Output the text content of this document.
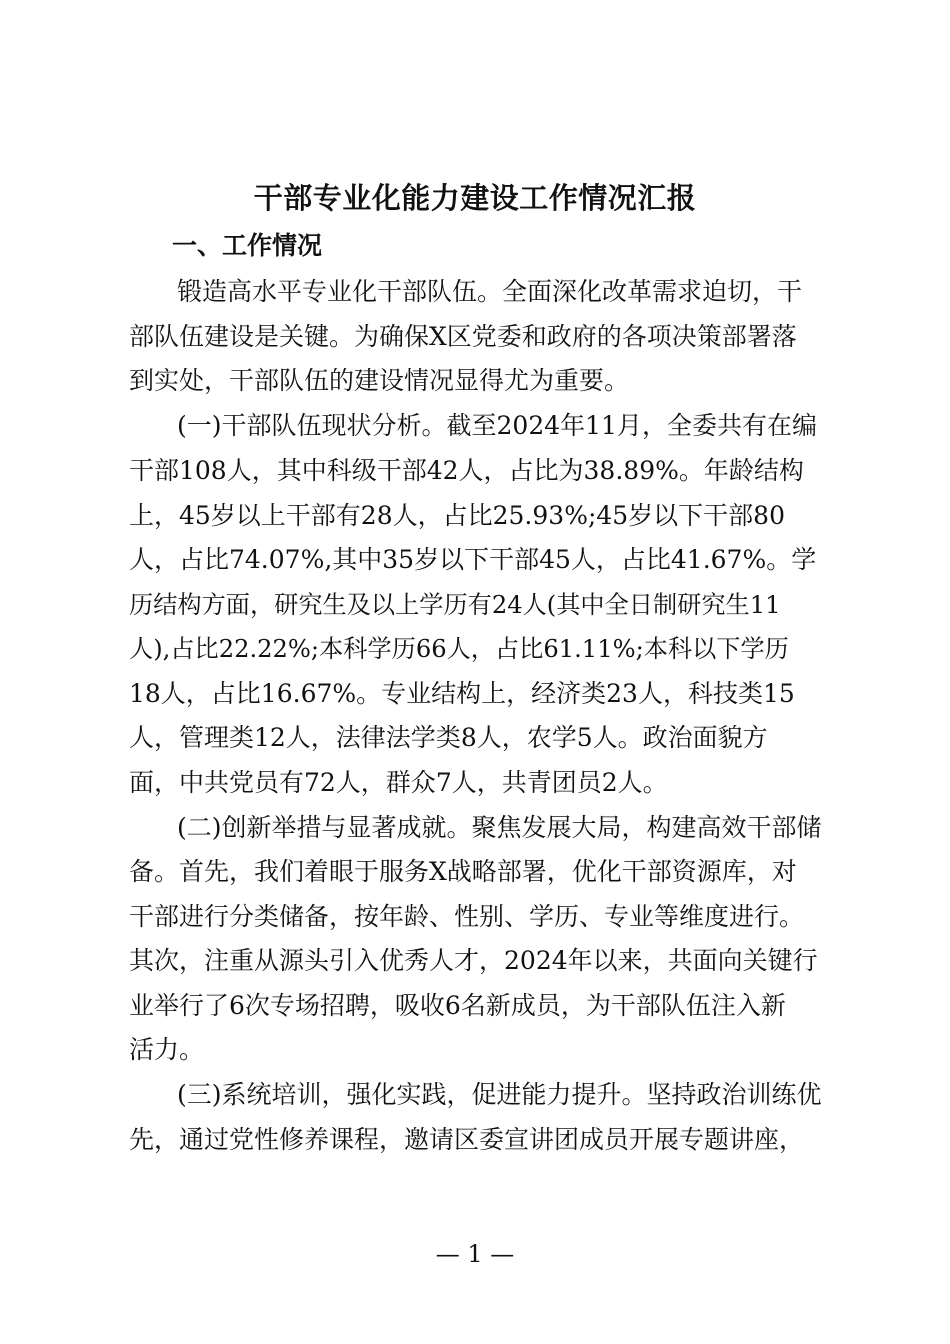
干部专业化能力建设工作情况汇报
一、工作情况
锻造高水平专业化干部队伍。全面深化改革需求迫切，干
部队伍建设是关键。为确保X区党委和政府的各项决策部署落
到实处，干部队伍的建设情况显得尤为重要。
(一)干部队伍现状分析。截至2024年11月，全委共有在编
干部108人，其中科级干部42人，占比为38.89%。年龄结构
上，45岁以上干部有28人，占比25.93%;45岁以下干部80
人，占比74.07%,其中35岁以下干部45人，占比41.67%。学
历结构方面，研究生及以上学历有24人(其中全日制研究生11
人),占比22.22%;本科学历66人，占比61.11%;本科以下学历
18人，占比16.67%。专业结构上，经济类23人，科技类15
人，管理类12人，法律法学类8人，农学5人。政治面貌方
面，中共党员有72人，群众7人，共青团员2人。
(二)创新举措与显著成就。聚焦发展大局，构建高效干部储
备。首先，我们着眼于服务X战略部署，优化干部资源库，对
干部进行分类储备，按年龄、性别、学历、专业等维度进行。
其次，注重从源头引入优秀人才，2024年以来，共面向关键行
业举行了6次专场招聘，吸收6名新成员，为干部队伍注入新
活力。
(三)系统培训，强化实践，促进能力提升。坚持政治训练优
先，通过党性修养课程，邀请区委宣讲团成员开展专题讲座，
— 1 —
